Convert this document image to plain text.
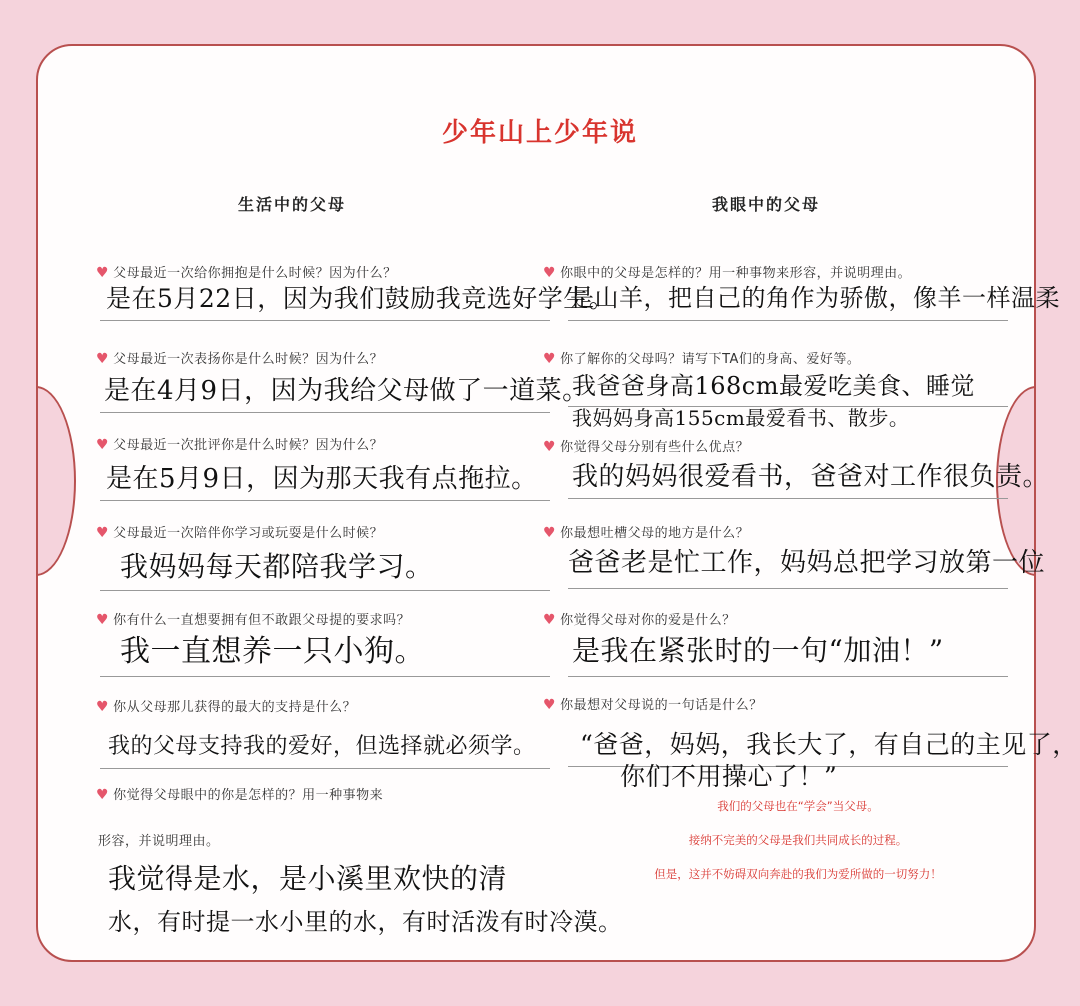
少年山上少年说
生活中的父母	我眼中的父母
♥ 父母最近一次给你拥抱是什么时候？因为什么？
是在5月22日，因为我们鼓励我竞选好学生。
♥ 父母最近一次表扬你是什么时候？因为什么？
是在4月9日，因为我给父母做了一道菜。
♥ 父母最近一次批评你是什么时候？因为什么？
是在5月9日，因为那天我有点拖拉。
♥ 父母最近一次陪伴你学习或玩耍是什么时候？
我妈妈每天都陪我学习。
♥ 你有什么一直想要拥有但不敢跟父母提的要求吗？
我一直想养一只小狗。
♥ 你从父母那儿获得的最大的支持是什么？
我的父母支持我的爱好，但选择就必须学。
♥ 你觉得父母眼中的你是怎样的？用一种事物来
形容，并说明理由。
我觉得是水，是小溪里欢快的清
水，有时提一水小里的水，有时活泼有时冷漠。
♥ 你眼中的父母是怎样的？用一种事物来形容，并说明理由。
是山羊，把自己的角作为骄傲，像羊一样温柔
♥ 你了解你的父母吗？请写下TA们的身高、爱好等。
我爸爸身高168cm最爱吃美食、睡觉
我妈妈身高155cm最爱看书、散步。
♥ 你觉得父母分别有些什么优点？
我的妈妈很爱看书，爸爸对工作很负责。
♥ 你最想吐槽父母的地方是什么？
爸爸老是忙工作，妈妈总把学习放第一位
♥ 你觉得父母对你的爱是什么？
是我在紧张时的一句“加油！”
♥ 你最想对父母说的一句话是什么？
“爸爸，妈妈，我长大了，有自己的主见了，
你们不用操心了！”
我们的父母也在“学会”当父母。
接纳不完美的父母是我们共同成长的过程。
但是，这并不妨碍双向奔赴的我们为爱所做的一切努力！
